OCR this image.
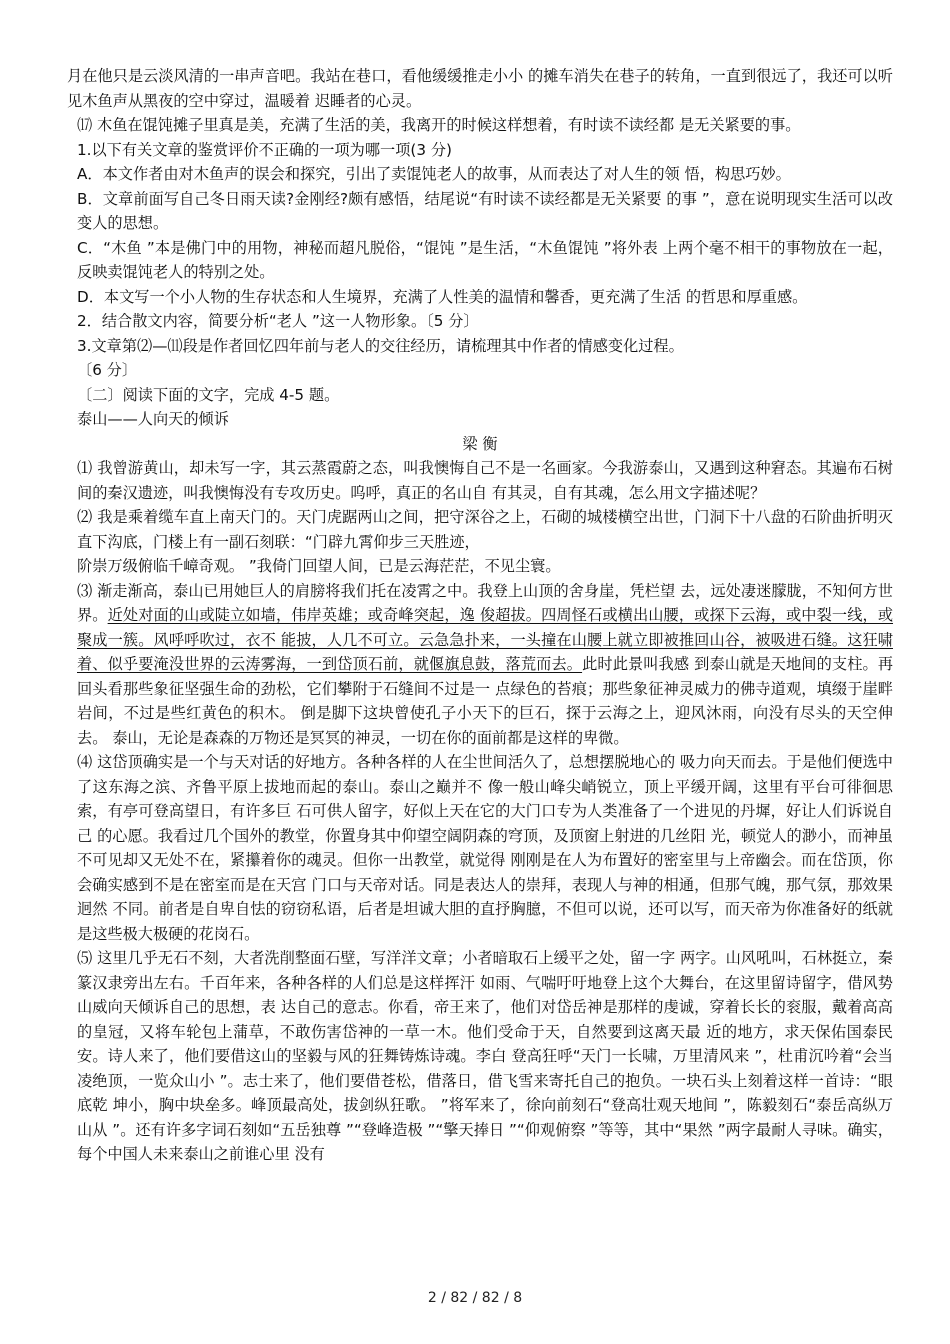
月在他只是云淡风清的一串声音吧。我站在巷口，看他缓缓推走小小 的摊车消失在巷子的转角，一直到很远了，我还可以听见木鱼声从黑夜的空中穿过，温暖着 迟睡者的心灵。

⒄ 木鱼在馄饨摊子里真是美，充满了生活的美，我离开的时候这样想着，有时读不读经都 是无关紧要的事。

1.以下有关文章的鉴赏评价不正确的一项为哪一项(3 分)

A．本文作者由对木鱼声的误会和探究，引出了卖馄饨老人的故事，从而表达了对人生的领 悟，构思巧妙。

B．文章前面写自己冬日雨天读?金刚经?颇有感悟，结尾说“有时读不读经都是无关紧要 的事 ”，意在说明现实生活可以改变人的思想。

C．“木鱼 ”本是佛门中的用物，神秘而超凡脱俗，“馄饨 ”是生活，“木鱼馄饨 ”将外表 上两个毫不相干的事物放在一起，反映卖馄饨老人的特别之处。

D．本文写一个小人物的生存状态和人生境界，充满了人性美的温情和馨香，更充满了生活 的哲思和厚重感。

2．结合散文内容，简要分析“老人 ”这一人物形象。〔5 分〕

3.文章第⑵—⑾段是作者回忆四年前与老人的交往经历，请梳理其中作者的情感变化过程。

〔6 分〕

〔二〕阅读下面的文字，完成 4-5 题。

泰山——人向天的倾诉

梁 衡

⑴ 我曾游黄山，却未写一字，其云蒸霞蔚之态，叫我懊悔自己不是一名画家。今我游泰山，又遇到这种窘态。其遍布石树间的秦汉遗迹，叫我懊悔没有专攻历史。呜呼，真正的名山自 有其灵，自有其魂，怎么用文字描述呢？

⑵ 我是乘着缆车直上南天门的。天门虎踞两山之间，把守深谷之上，石砌的城楼横空出世，门洞下十八盘的石阶曲折明灭直下沟底，门楼上有一副石刻联：“门辟九霄仰步三天胜迹，

阶崇万级俯临千嶂奇观。 ”我倚门回望人间，已是云海茫茫，不见尘寰。

⑶ 渐走渐高，泰山已用她巨人的肩膀将我们托在凌霄之中。我登上山顶的舍身崖，凭栏望 去，远处凄迷朦胧，不知何方世界。近处对面的山或陡立如墙，伟岸英雄；或奇峰突起，逸 俊超拔。四周怪石或横出山腰，或探下云海，或中裂一线，或聚成一簇。风呼呼吹过，衣不 能披，人几不可立。云急急扑来，一头撞在山腰上就立即被推回山谷，被吸进石缝。这狂啸 着、似乎要淹没世界的云涛雾海，一到岱顶石前，就偃旗息鼓，落荒而去。此时此景叫我感 到泰山就是天地间的支柱。再回头看那些象征坚强生命的劲松，它们攀附于石缝间不过是一 点绿色的苔痕；那些象征神灵威力的佛寺道观，填缀于崖畔岩间，不过是些红黄色的积木。 倒是脚下这块曾使孔子小天下的巨石，探于云海之上，迎风沐雨，向没有尽头的天空伸去。 泰山，无论是森森的万物还是冥冥的神灵，一切在你的面前都是这样的卑微。

⑷ 这岱顶确实是一个与天对话的好地方。各种各样的人在尘世间活久了，总想摆脱地心的 吸力向天而去。于是他们便选中了这东海之滨、齐鲁平原上拔地而起的泰山。泰山之巅并不 像一般山峰尖峭锐立，顶上平缓开阔，这里有平台可徘徊思索，有亭可登高望日，有许多巨 石可供人留字，好似上天在它的大门口专为人类准备了一个进见的丹墀，好让人们诉说自己 的心愿。我看过几个国外的教堂，你置身其中仰望空阔阴森的穹顶，及顶窗上射进的几丝阳 光，顿觉人的渺小，而神虽不可见却又无处不在，紧攥着你的魂灵。但你一出教堂，就觉得 刚刚是在人为布置好的密室里与上帝幽会。而在岱顶，你会确实感到不是在密室而是在天宫 门口与天帝对话。同是表达人的崇拜，表现人与神的相通，但那气魄，那气氛，那效果迥然 不同。前者是自卑自怯的窃窃私语，后者是坦诚大胆的直抒胸臆，不但可以说，还可以写，而天帝为你准备好的纸就是这些极大极硬的花岗石。

⑸ 这里几乎无石不刻，大者洗削整面石壁，写洋洋文章；小者暗取石上缓平之处，留一字 两字。山风吼叫，石林挺立，秦篆汉隶旁出左右。千百年来，各种各样的人们总是这样挥汗 如雨、气喘吁吁地登上这个大舞台，在这里留诗留字，借风势山威向天倾诉自己的思想，表 达自己的意志。你看，帝王来了，他们对岱岳神是那样的虔诚，穿着长长的衮服，戴着高高 的皇冠，又将车轮包上蒲草，不敢伤害岱神的一草一木。他们受命于天，自然要到这离天最 近的地方，求天保佑国泰民安。诗人来了，他们要借这山的坚毅与风的狂舞铸炼诗魂。李白 登高狂呼“天门一长啸，万里清风来 ”，杜甫沉吟着“会当凌绝顶，一览众山小 ”。志士来了，他们要借苍松，借落日，借飞雪来寄托自己的抱负。一块石头上刻着这样一首诗：“眼底乾 坤小，胸中块垒多。峰顶最高处，拔剑纵狂歌。 ”将军来了，徐向前刻石“登高壮观天地间 ”，陈毅刻石“泰岳高纵万山从 ”。还有许多字词石刻如“五岳独尊 ”“登峰造极 ”“擎天捧日 ”“仰观俯察 ”等等，其中“果然 ”两字最耐人寻味。确实，每个中国人未来泰山之前谁心里 没有

2 / 82 / 82 / 8
